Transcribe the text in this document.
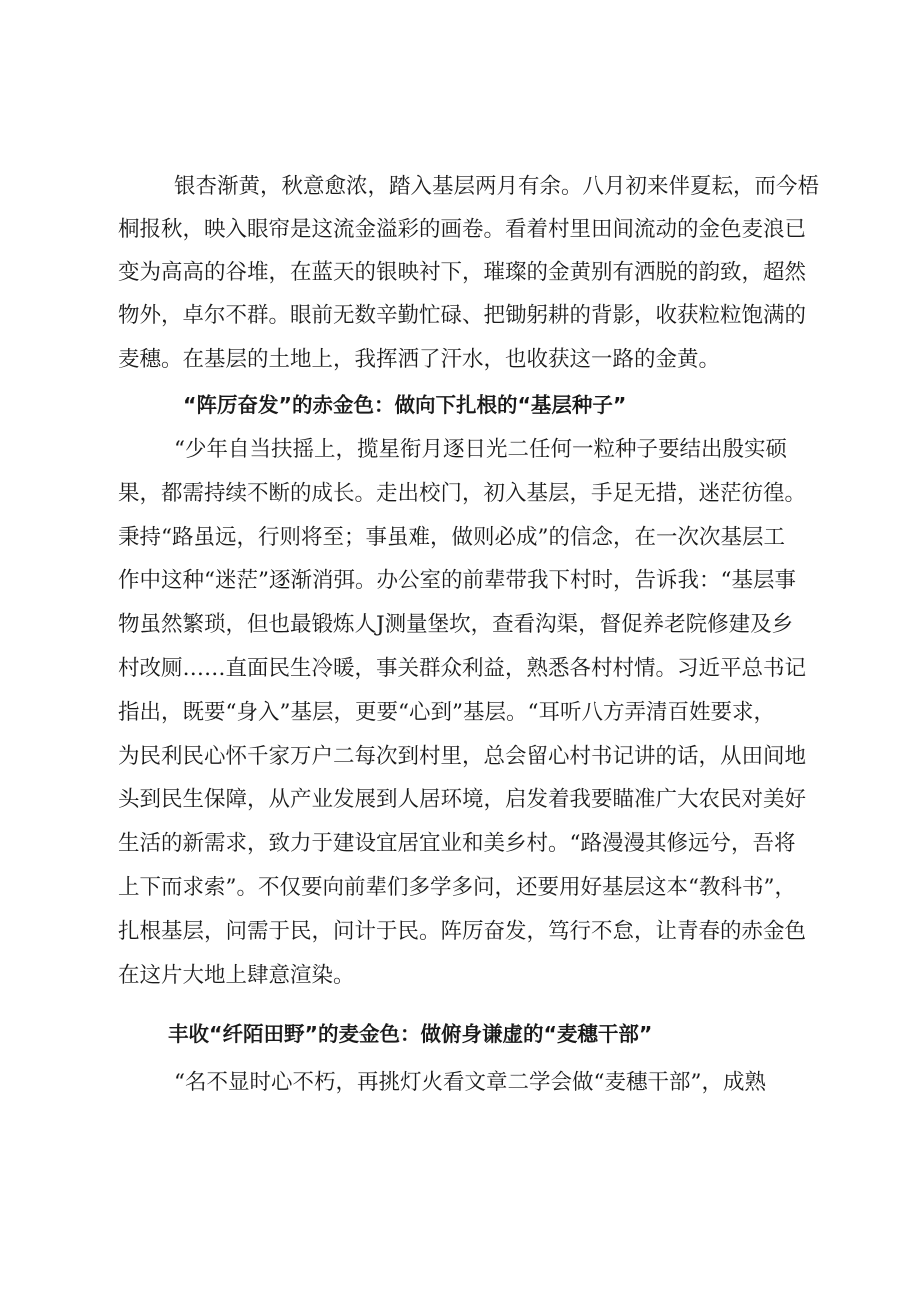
银杏渐黄，秋意愈浓，踏入基层两月有余。八月初来伴夏耘，而今梧
桐报秋，映入眼帘是这流金溢彩的画卷。看着村里田间流动的金色麦浪已
变为高高的谷堆，在蓝天的银映衬下，璀璨的金黄别有洒脱的韵致，超然
物外，卓尔不群。眼前无数辛勤忙碌、把锄躬耕的背影，收获粒粒饱满的
麦穗。在基层的土地上，我挥洒了汗水，也收获这一路的金黄。
“阵厉奋发”的赤金色：做向下扎根的“基层种子”
“少年自当扶摇上，揽星衔月逐日光二任何一粒种子要结出殷实硕
果，都需持续不断的成长。走出校门，初入基层，手足无措，迷茫彷徨。
秉持“路虽远，行则将至；事虽难，做则必成”的信念，在一次次基层工
作中这种“迷茫”逐渐消弭。办公室的前辈带我下村时，告诉我：“基层事
物虽然繁琐，但也最锻炼人J测量堡坎，查看沟渠，督促养老院修建及乡
村改厕……直面民生冷暖，事关群众利益，熟悉各村村情。习近平总书记
指出，既要“身入”基层，更要“心到”基层。“耳听八方弄清百姓要求，
为民利民心怀千家万户二每次到村里，总会留心村书记讲的话，从田间地
头到民生保障，从产业发展到人居环境，启发着我要瞄准广大农民对美好
生活的新需求，致力于建设宜居宜业和美乡村。“路漫漫其修远兮，吾将
上下而求索”。不仅要向前辈们多学多问，还要用好基层这本“教科书”，
扎根基层，问需于民，问计于民。阵厉奋发，笃行不怠，让青春的赤金色
在这片大地上肆意渲染。
丰收“纤陌田野”的麦金色：做俯身谦虚的“麦穗干部”
“名不显时心不朽，再挑灯火看文章二学会做“麦穗干部”，成熟
